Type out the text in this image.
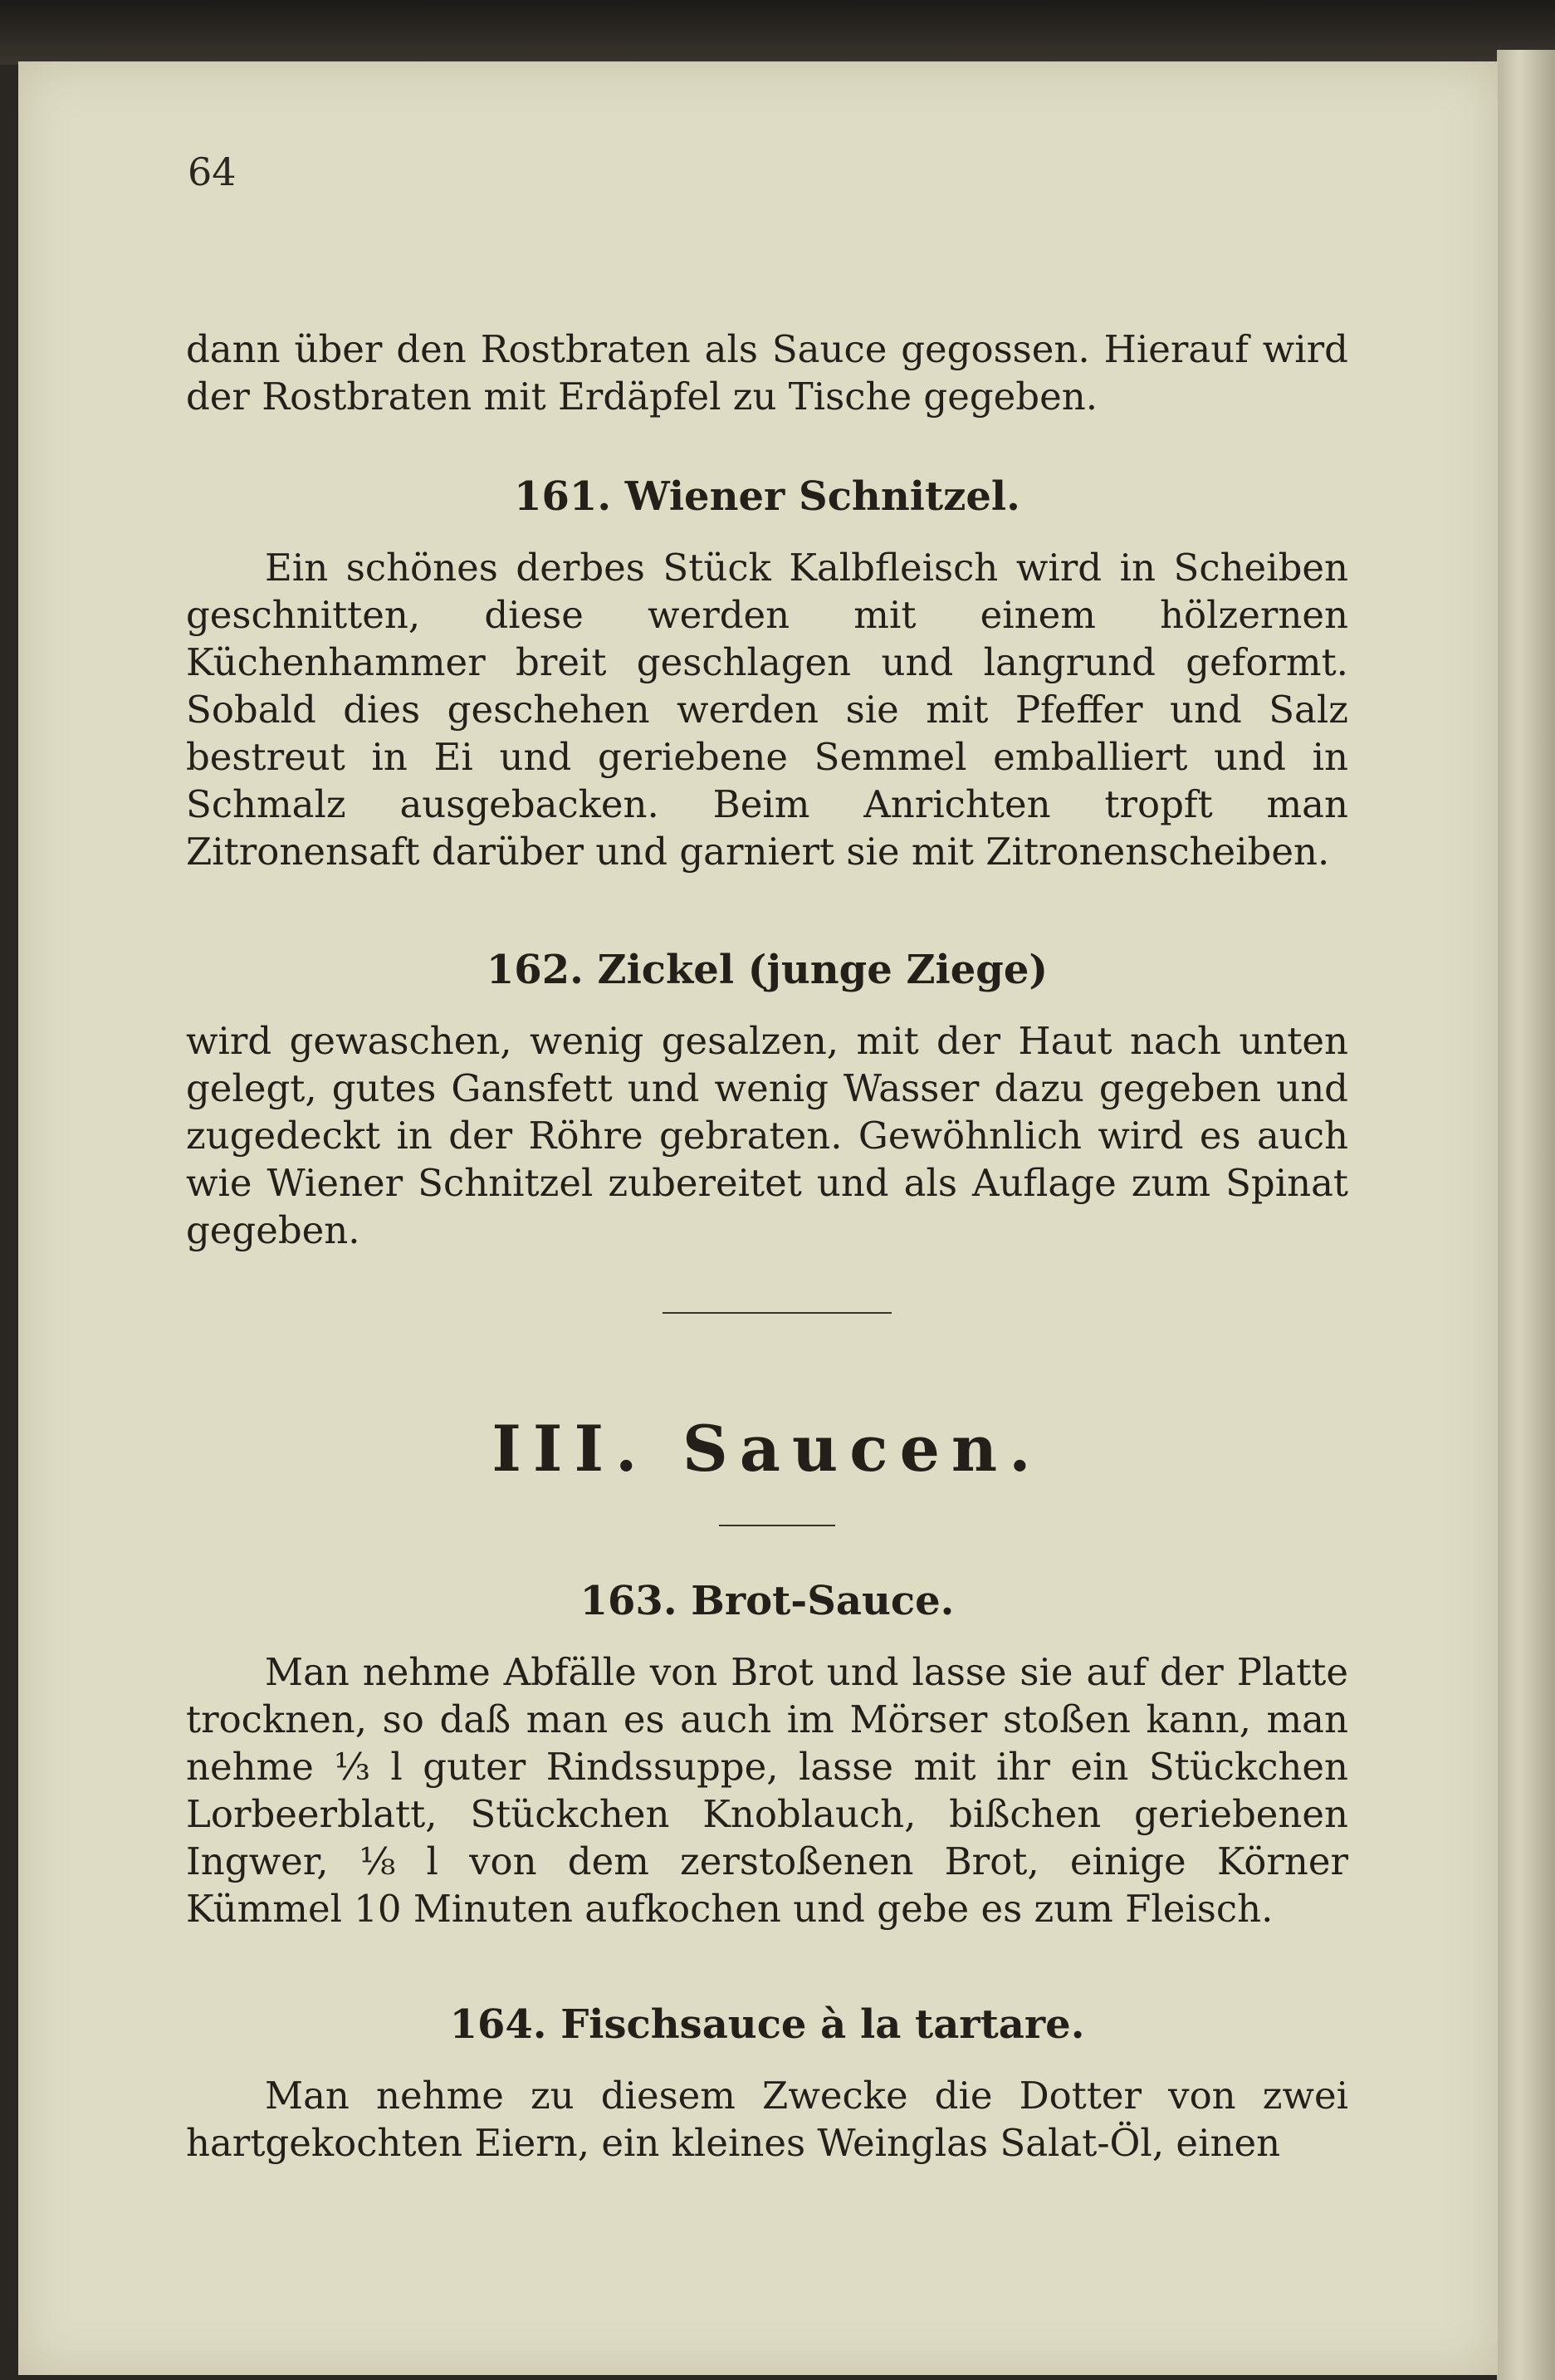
64

dann über den Rostbraten als Sauce gegossen. Hierauf wird der Rostbraten mit Erdäpfel zu Tische gegeben.

161. Wiener Schnitzel.

Ein schönes derbes Stück Kalbfleisch wird in Scheiben geschnitten, diese werden mit einem hölzernen Küchenhammer breit geschlagen und langrund geformt. Sobald dies geschehen werden sie mit Pfeffer und Salz bestreut in Ei und geriebene Semmel emballiert und in Schmalz ausgebacken. Beim Anrichten tropft man Zitronensaft darüber und garniert sie mit Zitronenscheiben.

162. Zickel (junge Ziege)

wird gewaschen, wenig gesalzen, mit der Haut nach unten gelegt, gutes Gansfett und wenig Wasser dazu gegeben und zugedeckt in der Röhre gebraten. Gewöhnlich wird es auch wie Wiener Schnitzel zubereitet und als Auflage zum Spinat gegeben.

III. Saucen.
163. Brot-Sauce.

Man nehme Abfälle von Brot und lasse sie auf der Platte trocknen, so daß man es auch im Mörser stoßen kann, man nehme ⅓ l guter Rindssuppe, lasse mit ihr ein Stückchen Lorbeerblatt, Stückchen Knoblauch, bißchen geriebenen Ingwer, ⅛ l von dem zerstoßenen Brot, einige Körner Kümmel 10 Minuten aufkochen und gebe es zum Fleisch.

164. Fischsauce à la tartare.

Man nehme zu diesem Zwecke die Dotter von zwei hartgekochten Eiern, ein kleines Weinglas Salat-Öl, einen
